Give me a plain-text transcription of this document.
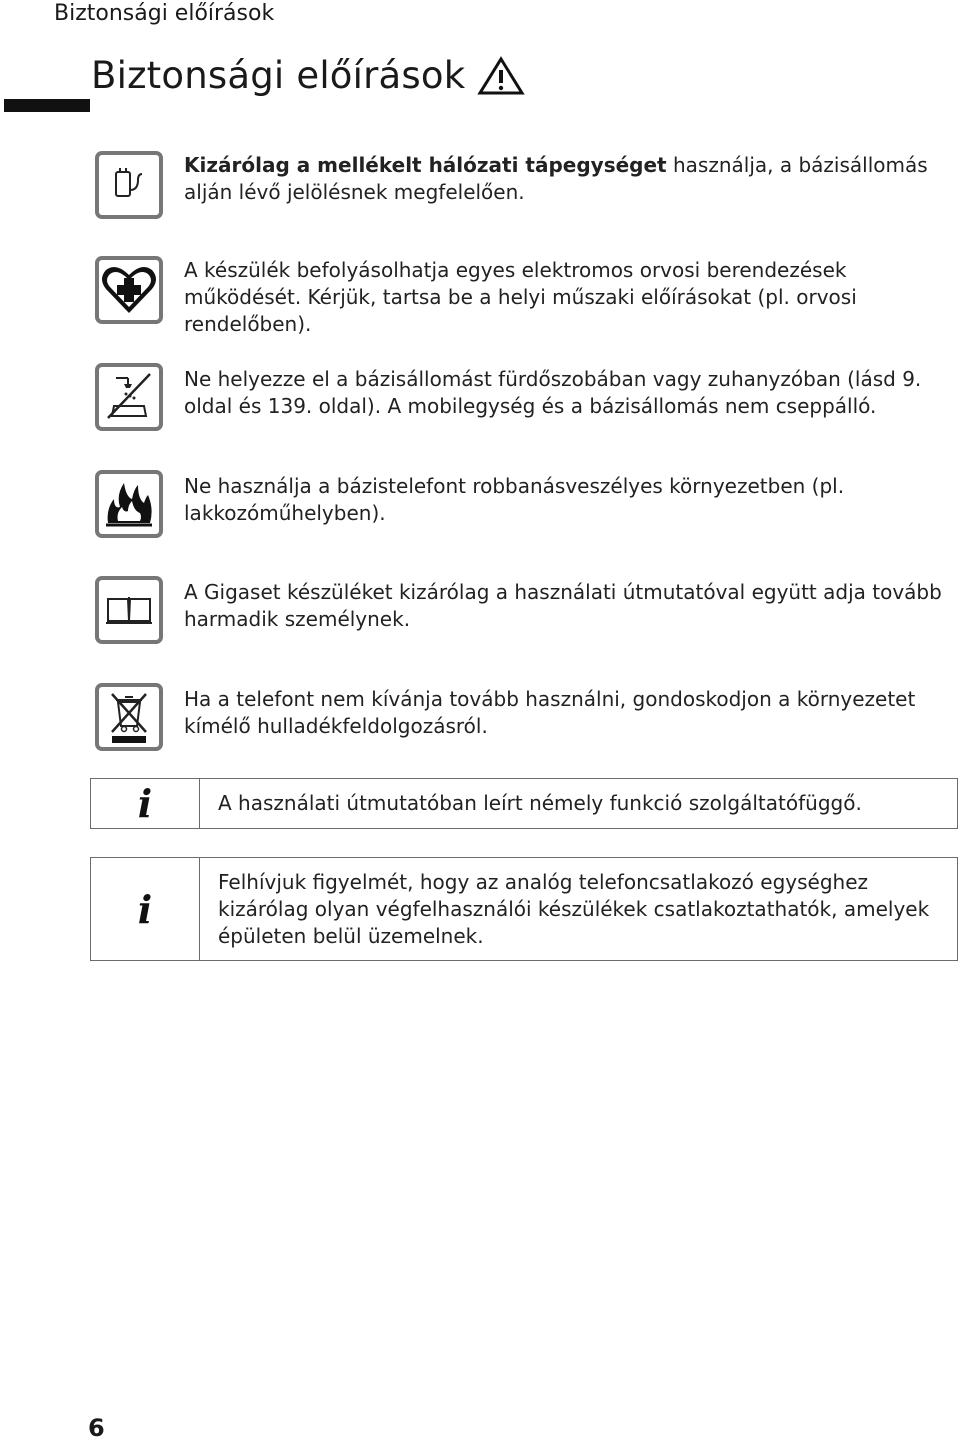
Biztonsági előírások
Biztonsági előírások
Kizárólag a mellékelt hálózati tápegységet használja, a bázisállomás alján lévő jelölésnek megfelelően.
A készülék befolyásolhatja egyes elektromos orvosi berendezések működését. Kérjük, tartsa be a helyi műszaki előírásokat (pl. orvosi rendelőben).
Ne helyezze el a bázisállomást fürdőszobában vagy zuhanyzóban (lásd 9. oldal és 139. oldal). A mobilegység és a bázisállomás nem cseppálló.
Ne használja a bázistelefont robbanásveszélyes környezetben (pl. lakkozóműhelyben).
A Gigaset készüléket kizárólag a használati útmutatóval együtt adja tovább harmadik személynek.
Ha a telefont nem kívánja tovább használni, gondoskodjon a környezetet kímélő hulladékfeldolgozásról.
i	A használati útmutatóban leírt némely funkció szolgáltatófüggő.
i
Felhívjuk figyelmét, hogy az analóg telefoncsatlakozó egységhez kizárólag olyan végfelhasználói készülékek csatlakoztathatók, amelyek épületen belül üzemelnek.
6
